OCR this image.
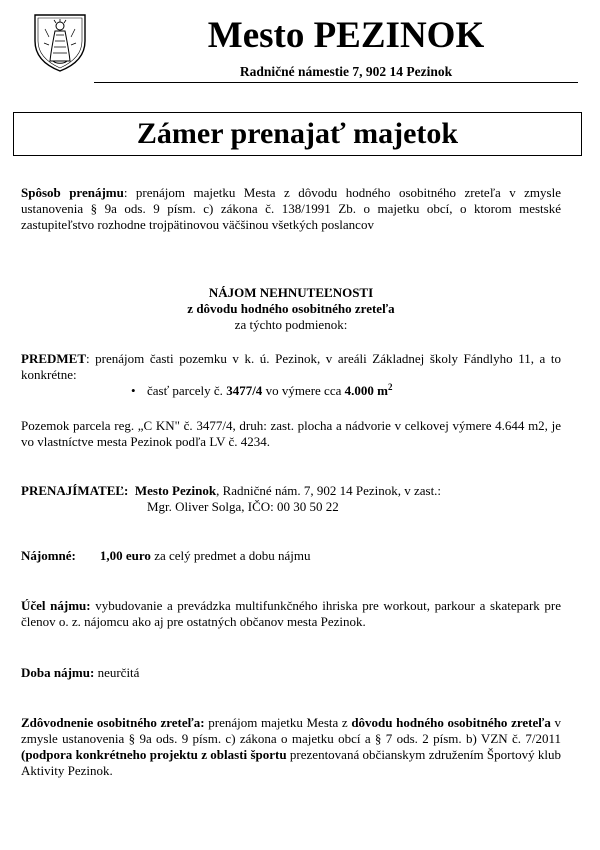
Mesto PEZINOK
Radničné námestie 7, 902 14 Pezinok
Zámer prenajať majetok
Spôsob prenájmu: prenájom majetku Mesta z dôvodu hodného osobitného zreteľa v zmysle ustanovenia § 9a ods. 9 písm. c) zákona č. 138/1991 Zb. o majetku obcí, o ktorom mestské zastupiteľstvo rozhodne trojpätinovou väčšinou všetkých poslancov
NÁJOM NEHNUTEĽNOSTI
z dôvodu hodného osobitného zreteľa
za týchto podmienok:
PREDMET: prenájom časti pozemku v k. ú. Pezinok, v areáli Základnej školy Fándlyho 11, a to konkrétne:
• časť parcely č. 3477/4 vo výmere cca 4.000 $m^2$
Pozemok parcela reg. „C KN" č. 3477/4, druh: zast. plocha a nádvorie v celkovej výmere 4.644 m2, je vo vlastníctve mesta Pezinok podľa LV č. 4234.
PRENAJÍMATEĽ: Mesto Pezinok, Radničné nám. 7, 902 14 Pezinok, v zast.:
Mgr. Oliver Solga, IČO: 00 30 50 22
Nájomné: 1,00 euro za celý predmet a dobu nájmu
Účel nájmu: vybudovanie a prevádzka multifunkčného ihriska pre workout, parkour a skatepark pre členov o. z. nájomcu ako aj pre ostatných občanov mesta Pezinok.
Doba nájmu: neurčitá
Zdôvodnenie osobitného zreteľa: prenájom majetku Mesta z dôvodu hodného osobitného zreteľa v zmysle ustanovenia § 9a ods. 9 písm. c) zákona o majetku obcí a § 7 ods. 2 písm. b) VZN č. 7/2011 (podpora konkrétneho projektu z oblasti športu prezentovaná občianskym združením Športový klub Aktivity Pezinok.
